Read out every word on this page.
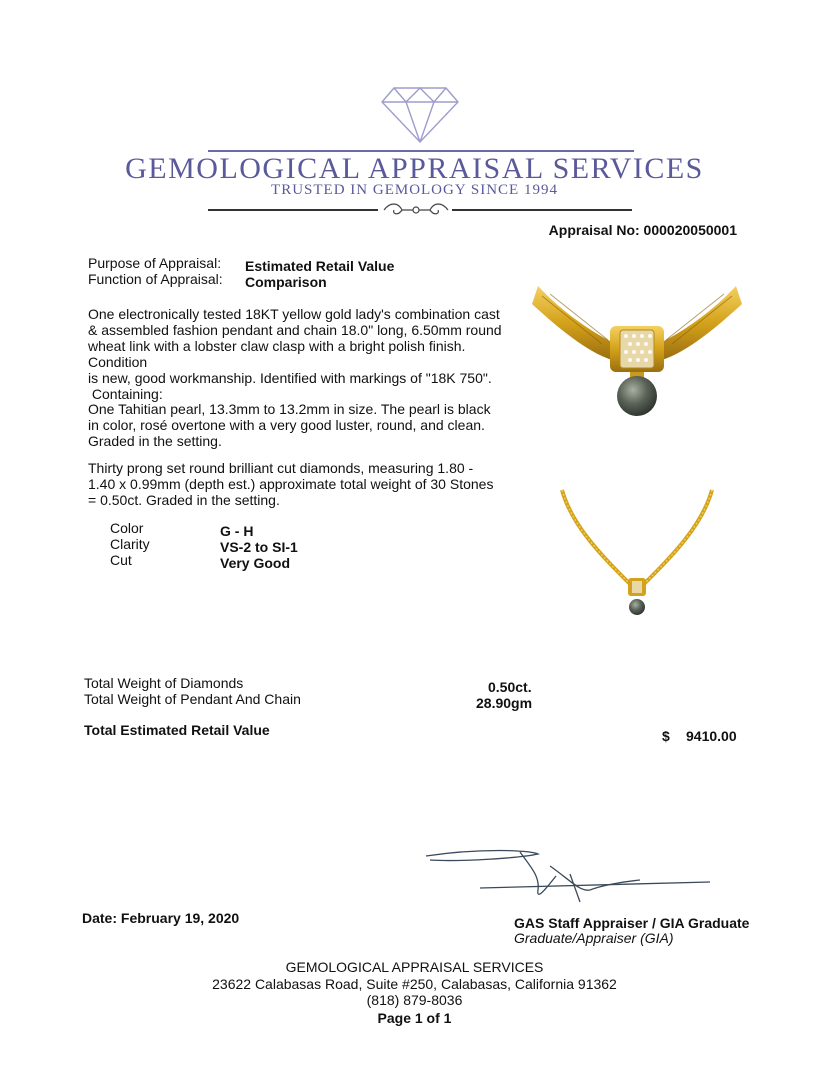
GEMOLOGICAL APPRAISAL SERVICES
TRUSTED IN GEMOLOGY SINCE 1994
Appraisal No: 000020050001
Purpose of Appraisal: Estimated Retail Value
Function of Appraisal: Comparison
One electronically tested 18KT yellow gold lady's combination cast
& assembled fashion pendant and chain 18.0" long, 6.50mm round
wheat link with a lobster claw clasp with a bright polish finish. Condition
is new, good workmanship. Identified with markings of "18K 750".
Containing:
One Tahitian pearl, 13.3mm to 13.2mm in size. The pearl is black
in color, rosé overtone with a very good luster, round, and clean.
Graded in the setting.
Thirty prong set round brilliant cut diamonds, measuring 1.80 -
1.40 x 0.99mm (depth est.) approximate total weight of 30 Stones
= 0.50ct. Graded in the setting.
Color	G - H
Clarity	VS-2 to SI-1
Cut	Very Good
Total Weight of Diamonds	0.50ct.
Total Weight of Pendant And Chain	28.90gm
Total Estimated Retail Value	$ 9410.00
Date: February 19, 2020	GAS Staff Appraiser / GIA Graduate
Graduate/Appraiser (GIA)
GEMOLOGICAL APPRAISAL SERVICES
23622 Calabasas Road, Suite #250, Calabasas, California 91362
(818) 879-8036
Page 1 of 1
